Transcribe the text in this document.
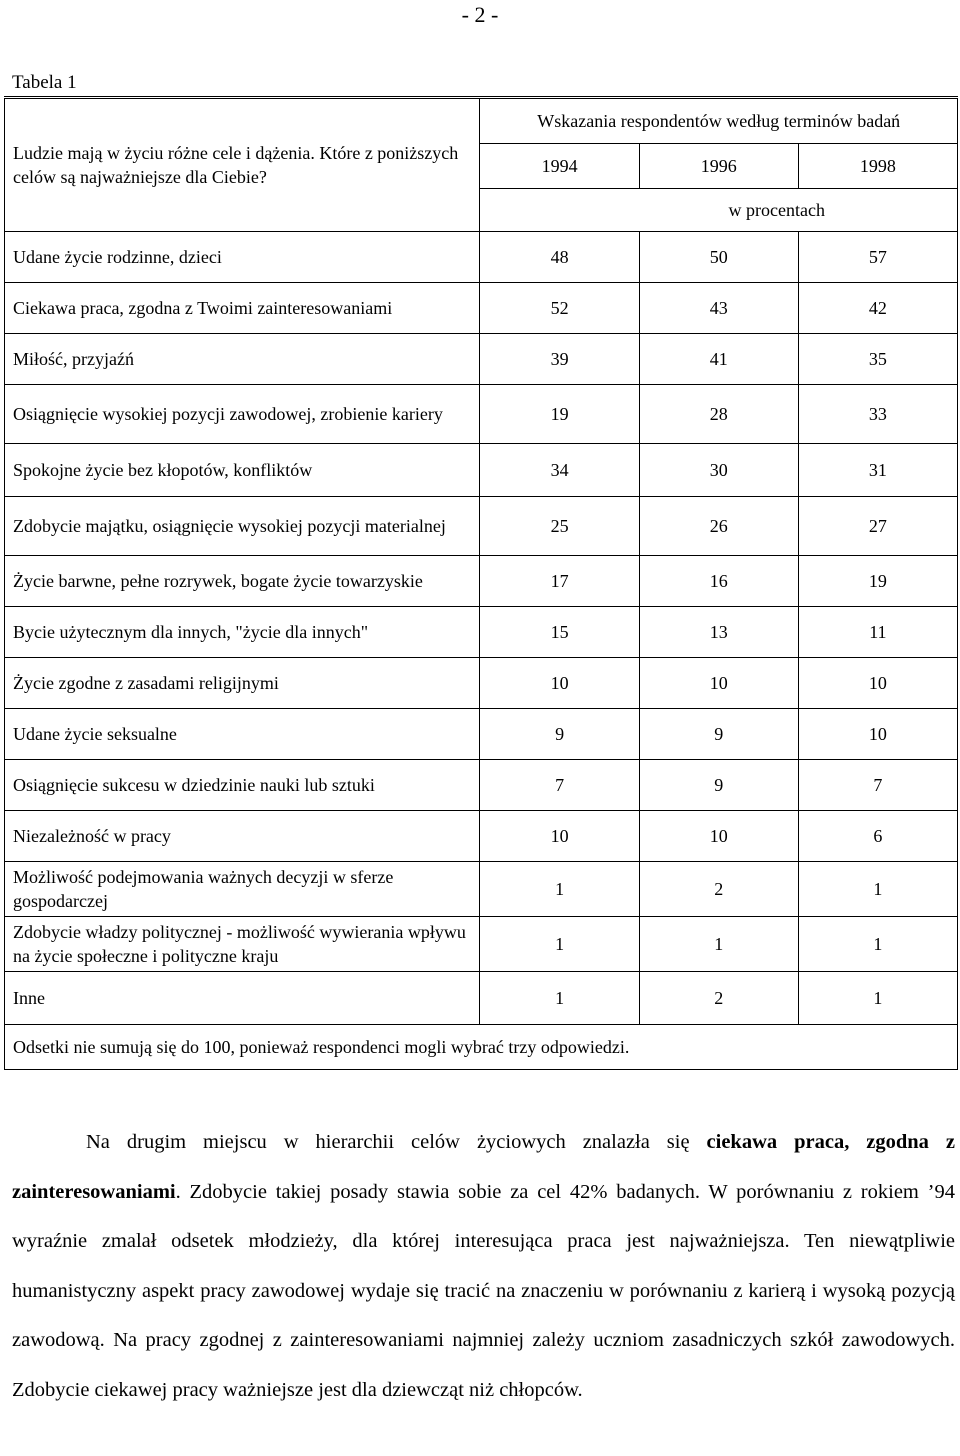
- 2 -
Tabela 1
Ludzie mają w życiu różne cele i dążenia. Które z poniższych celów są najważniejsze dla Ciebie?	Wskazania respondentów według terminów badań		
	1994	1996	1998
	w procentach		
Udane życie rodzinne, dzieci	48	50	57
Ciekawa praca, zgodna z Twoimi zainteresowaniami	52	43	42
Miłość, przyjaźń	39	41	35
Osiągnięcie wysokiej pozycji zawodowej, zrobienie kariery	19	28	33
Spokojne życie bez kłopotów, konfliktów	34	30	31
Zdobycie majątku, osiągnięcie wysokiej pozycji materialnej	25	26	27
Życie barwne, pełne rozrywek, bogate życie towarzyskie	17	16	19
Bycie użytecznym dla innych, "życie dla innych"	15	13	11
Życie zgodne z zasadami religijnymi	10	10	10
Udane życie seksualne	9	9	10
Osiągnięcie sukcesu w dziedzinie nauki lub sztuki	7	9	7
Niezależność w pracy	10	10	6
Możliwość podejmowania ważnych decyzji w sferze gospodarczej	1	2	1
Zdobycie władzy politycznej - możliwość wywierania wpływu na życie społeczne i polityczne kraju	1	1	1
Inne	1	2	1
Odsetki nie sumują się do 100, ponieważ respondenci mogli wybrać trzy odpowiedzi.			

Na drugim miejscu w hierarchii celów życiowych znalazła się ciekawa praca, zgodna z zainteresowaniami. Zdobycie takiej posady stawia sobie za cel 42% badanych. W porównaniu z rokiem ’94 wyraźnie zmalał odsetek młodzieży, dla której interesująca praca jest najważniejsza. Ten niewątpliwie humanistyczny aspekt pracy zawodowej wydaje się tracić na znaczeniu w porównaniu z karierą i wysoką pozycją zawodową. Na pracy zgodnej z zainteresowaniami najmniej zależy uczniom zasadniczych szkół zawodowych. Zdobycie ciekawej pracy ważniejsze jest dla dziewcząt niż chłopców.
